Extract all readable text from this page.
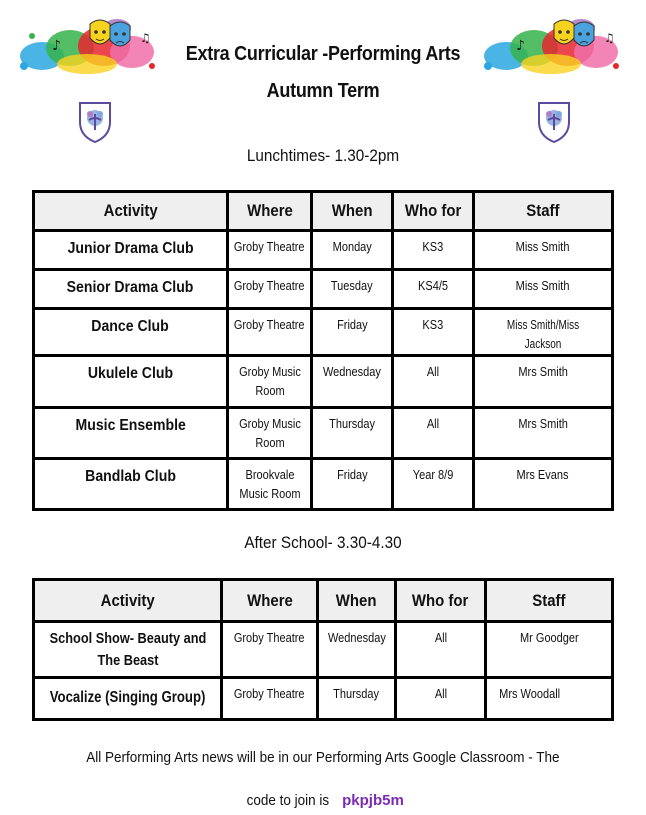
♪	♫	♪	♫
Extra Curricular -Performing Arts
Autumn Term
Lunchtimes- 1.30-2pm
Activity	Where	When	Who for	Staff
Junior Drama Club	Groby Theatre	Monday	KS3	Miss Smith
Senior Drama Club	Groby Theatre	Tuesday	KS4/5	Miss Smith
Dance Club	Groby Theatre	Friday	KS3	Miss Smith/Miss Jackson
Ukulele Club	Groby Music Room	Wednesday	All	Mrs Smith
Music Ensemble	Groby Music Room	Thursday	All	Mrs Smith
Bandlab Club	Brookvale Music Room	Friday	Year 8/9	Mrs Evans
After School- 3.30-4.30
Activity	Where	When	Who for	Staff
School Show- Beauty and The Beast	Groby Theatre	Wednesday	All	Mr Goodger
Vocalize (Singing Group)	Groby Theatre	Thursday	All	Mrs Woodall
All Performing Arts news will be in our Performing Arts Google Classroom - The
code to join is pkpjb5m
